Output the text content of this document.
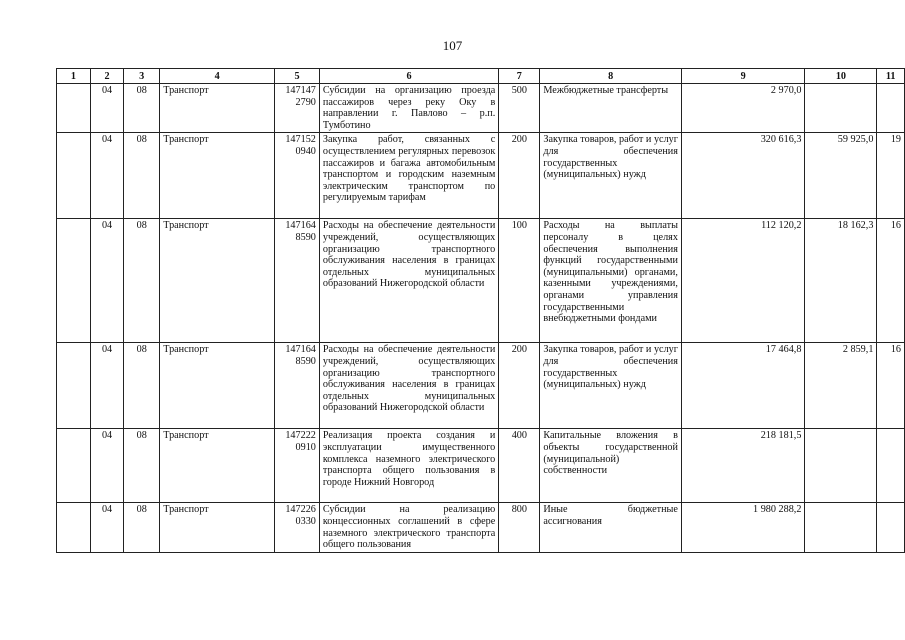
107
1	2	3	4	5	6	7	8	9	10	11
	04	08	Транспорт	147147 2790	Субсидии на организацию проезда пассажиров через реку Оку в направлении г. Павлово – р.п. Тумботино	500	Межбюджетные трансферты	2 970,0		
	04	08	Транспорт	147152 0940	Закупка работ, связанных с осуществлением регулярных перевозок пассажиров и багажа автомобильным транспортом и городским наземным электрическим транспортом по регулируемым тарифам	200	Закупка товаров, работ и услуг для обеспечения государственных (муниципальных) нужд	320 616,3	59 925,0	19
	04	08	Транспорт	147164 8590	Расходы на обеспечение деятельности учреждений, осуществляющих организацию транспортного обслуживания населения в границах отдельных муниципальных образований Нижегородской области	100	Расходы на выплаты персоналу в целях обеспечения выполнения функций государственными (муниципальными) органами, казенными учреждениями, органами управления государственными внебюджетными фондами	112 120,2	18 162,3	16
	04	08	Транспорт	147164 8590	Расходы на обеспечение деятельности учреждений, осуществляющих организацию транспортного обслуживания населения в границах отдельных муниципальных образований Нижегородской области	200	Закупка товаров, работ и услуг для обеспечения государственных (муниципальных) нужд	17 464,8	2 859,1	16
	04	08	Транспорт	147222 0910	Реализация проекта создания и эксплуатации имущественного комплекса наземного электрического транспорта общего пользования в городе Нижний Новгород	400	Капитальные вложения в объекты государственной (муниципальной) собственности	218 181,5		
	04	08	Транспорт	147226 0330	Субсидии на реализацию концессионных соглашений в сфере наземного электрического транспорта общего пользования	800	Иные бюджетные ассигнования	1 980 288,2		
